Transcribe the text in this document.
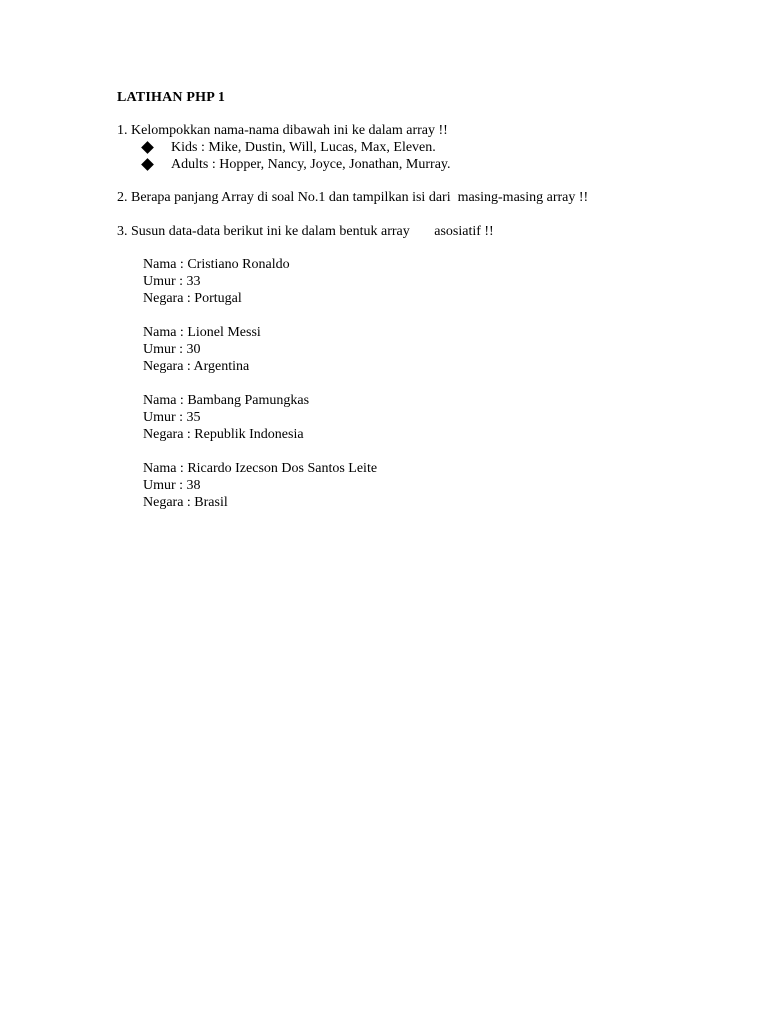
LATIHAN PHP 1

1. Kelompokkan nama-nama dibawah ini ke dalam array !!

Kids : Mike, Dustin, Will, Lucas, Max, Eleven.
Adults : Hopper, Nancy, Joyce, Jonathan, Murray.

2. Berapa panjang Array di soal No.1 dan tampilkan isi dari  masing-masing array !!

3. Susun data-data berikut ini ke dalam bentuk array       asosiatif !!

Nama : Cristiano Ronaldo
Umur : 33
Negara : Portugal
Nama : Lionel Messi
Umur : 30
Negara : Argentina
Nama : Bambang Pamungkas
Umur : 35
Negara : Republik Indonesia
Nama : Ricardo Izecson Dos Santos Leite
Umur : 38
Negara : Brasil
